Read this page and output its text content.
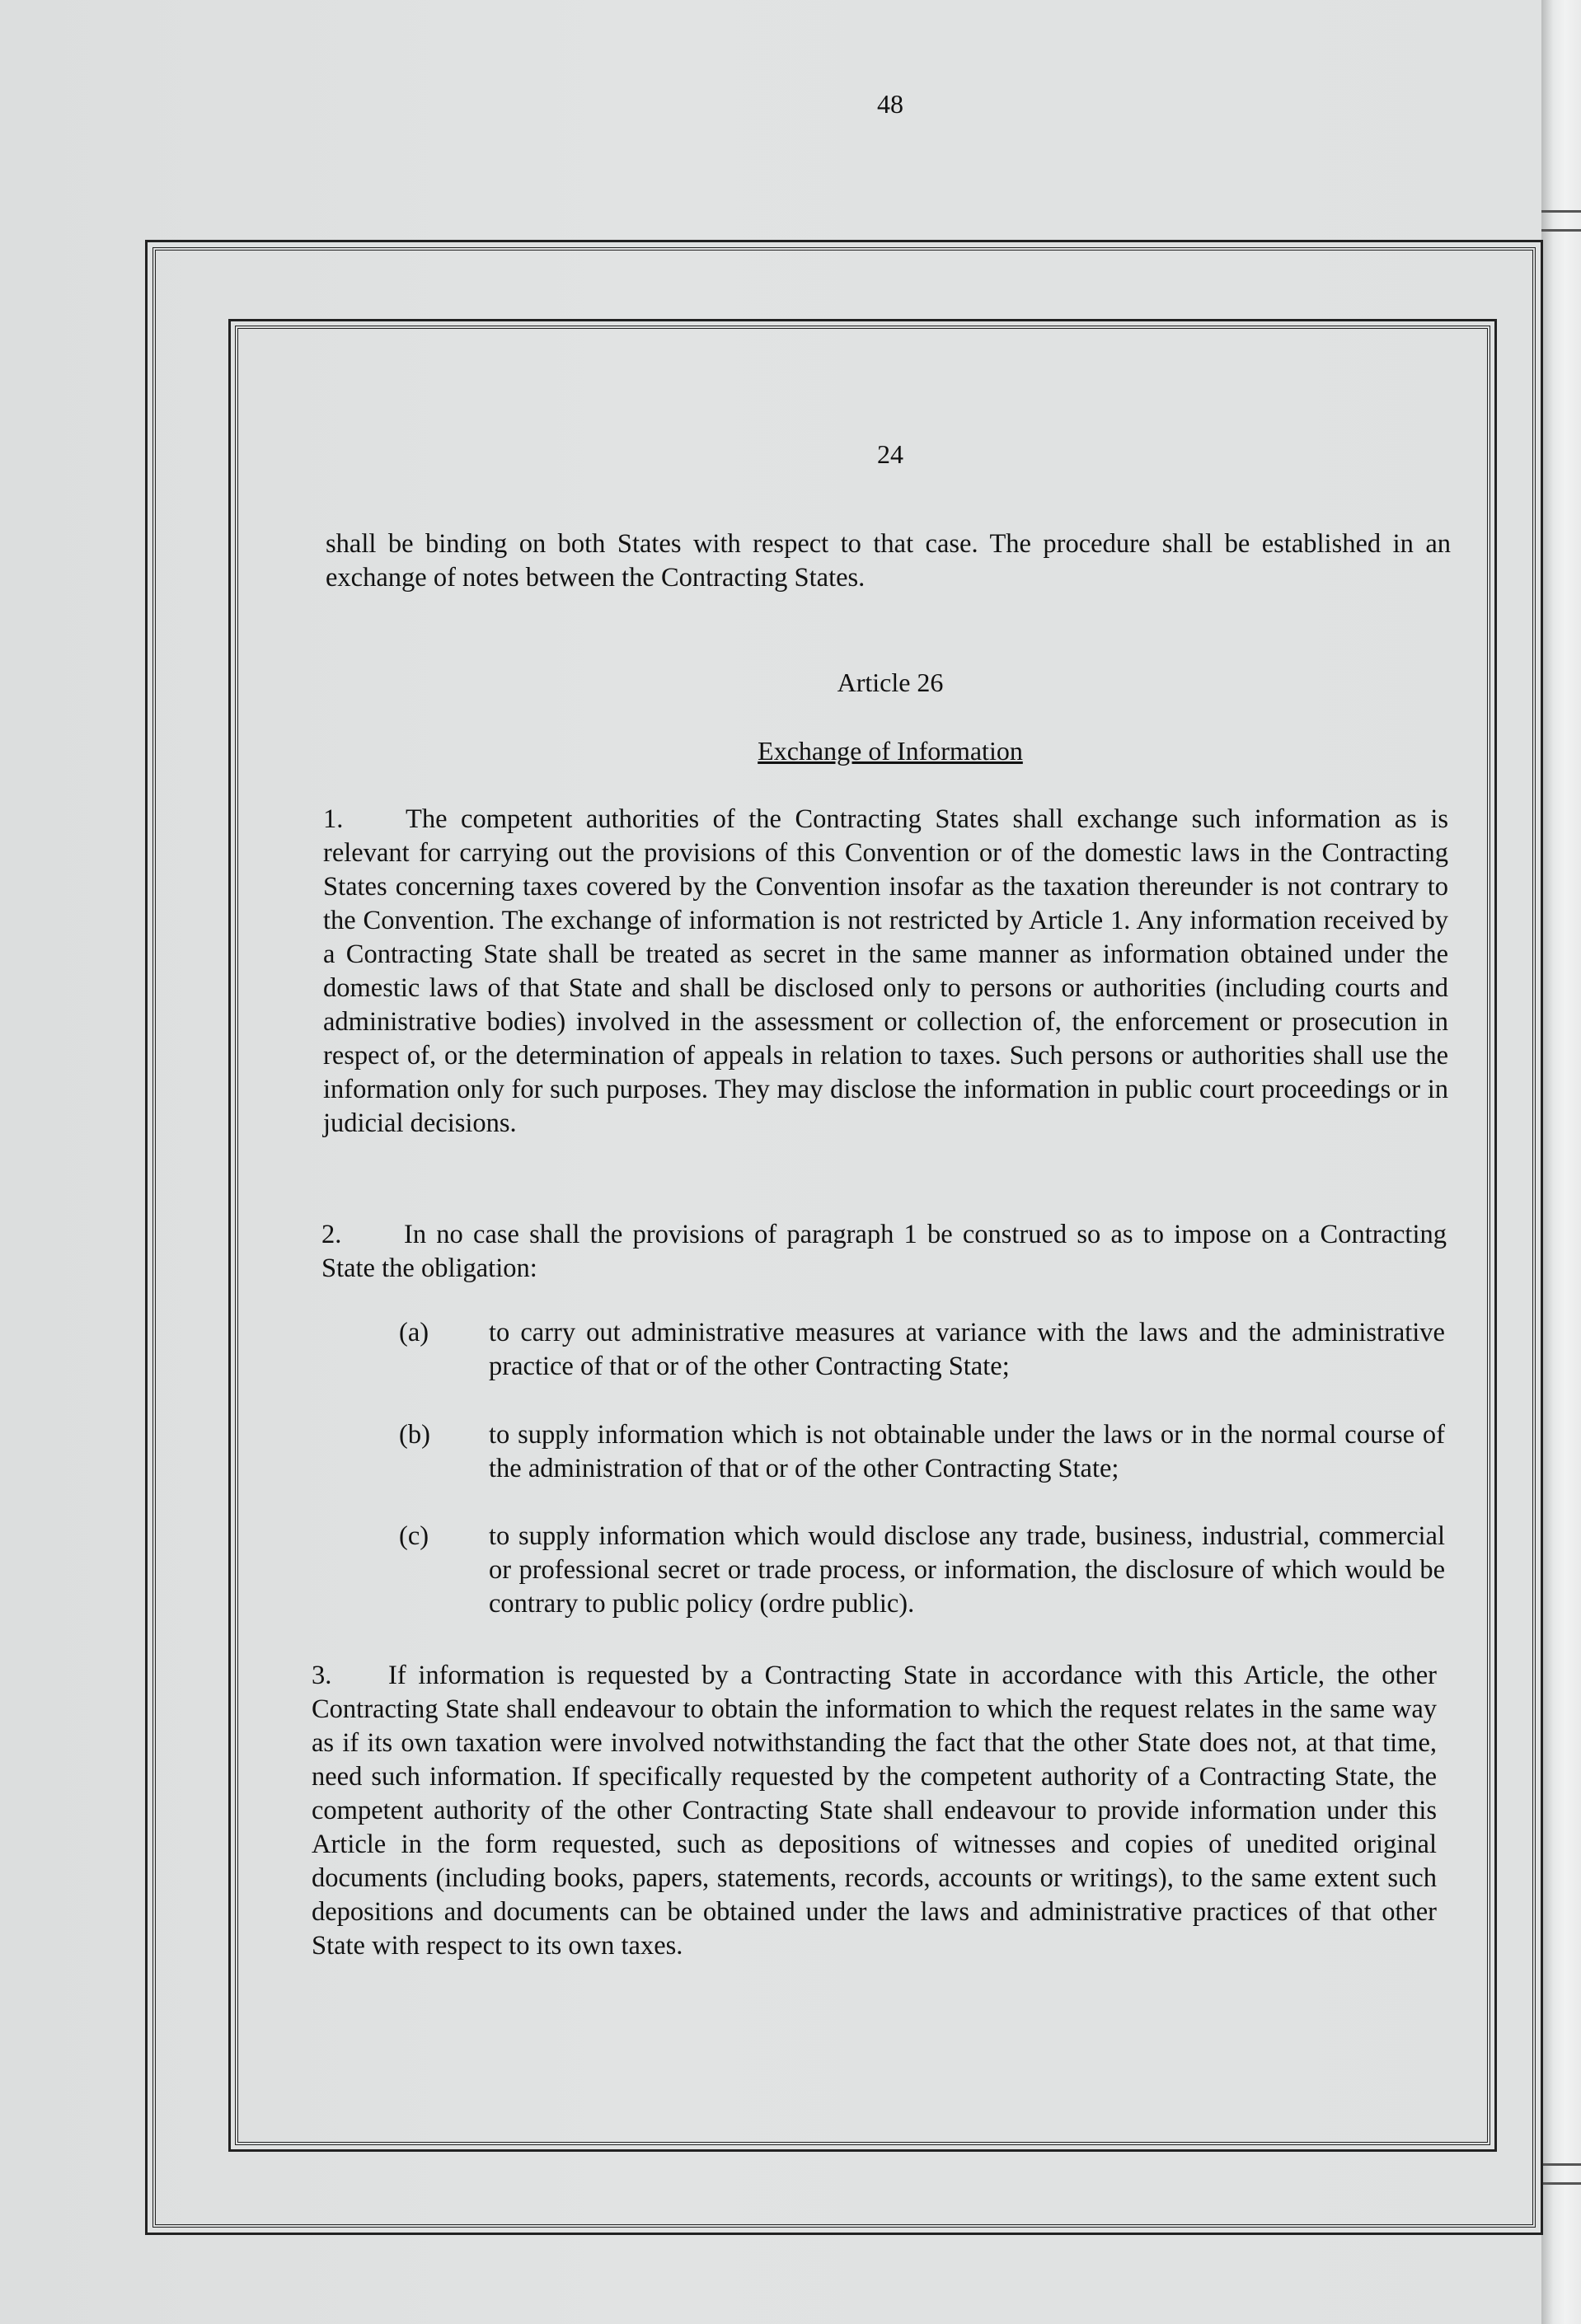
48
24
shall be binding on both States with respect to that case. The procedure shall be established in an exchange of notes between the Contracting States.
Article 26
Exchange of Information
1. The competent authorities of the Contracting States shall exchange such information as is relevant for carrying out the provisions of this Convention or of the domestic laws in the Contracting States concerning taxes covered by the Convention insofar as the taxation thereunder is not contrary to the Convention. The exchange of information is not restricted by Article 1. Any information received by a Contracting State shall be treated as secret in the same manner as information obtained under the domestic laws of that State and shall be disclosed only to persons or authorities (including courts and administrative bodies) involved in the assessment or collection of, the enforcement or prosecution in respect of, or the determination of appeals in relation to taxes. Such persons or authorities shall use the information only for such purposes. They may disclose the information in public court proceedings or in judicial decisions.
2. In no case shall the provisions of paragraph 1 be construed so as to impose on a Contracting State the obligation:
(a)	to carry out administrative measures at variance with the laws and the administrative practice of that or of the other Contracting State;
(b)	to supply information which is not obtainable under the laws or in the normal course of the administration of that or of the other Contracting State;
(c)	to supply information which would disclose any trade, business, industrial, commercial or professional secret or trade process, or information, the disclosure of which would be contrary to public policy (ordre public).
3. If information is requested by a Contracting State in accordance with this Article, the other Contracting State shall endeavour to obtain the information to which the request relates in the same way as if its own taxation were involved notwithstanding the fact that the other State does not, at that time, need such information. If specifically requested by the competent authority of a Contracting State, the competent authority of the other Contracting State shall endeavour to provide information under this Article in the form requested, such as depositions of witnesses and copies of unedited original documents (including books, papers, statements, records, accounts or writings), to the same extent such depositions and documents can be obtained under the laws and administrative practices of that other State with respect to its own taxes.
